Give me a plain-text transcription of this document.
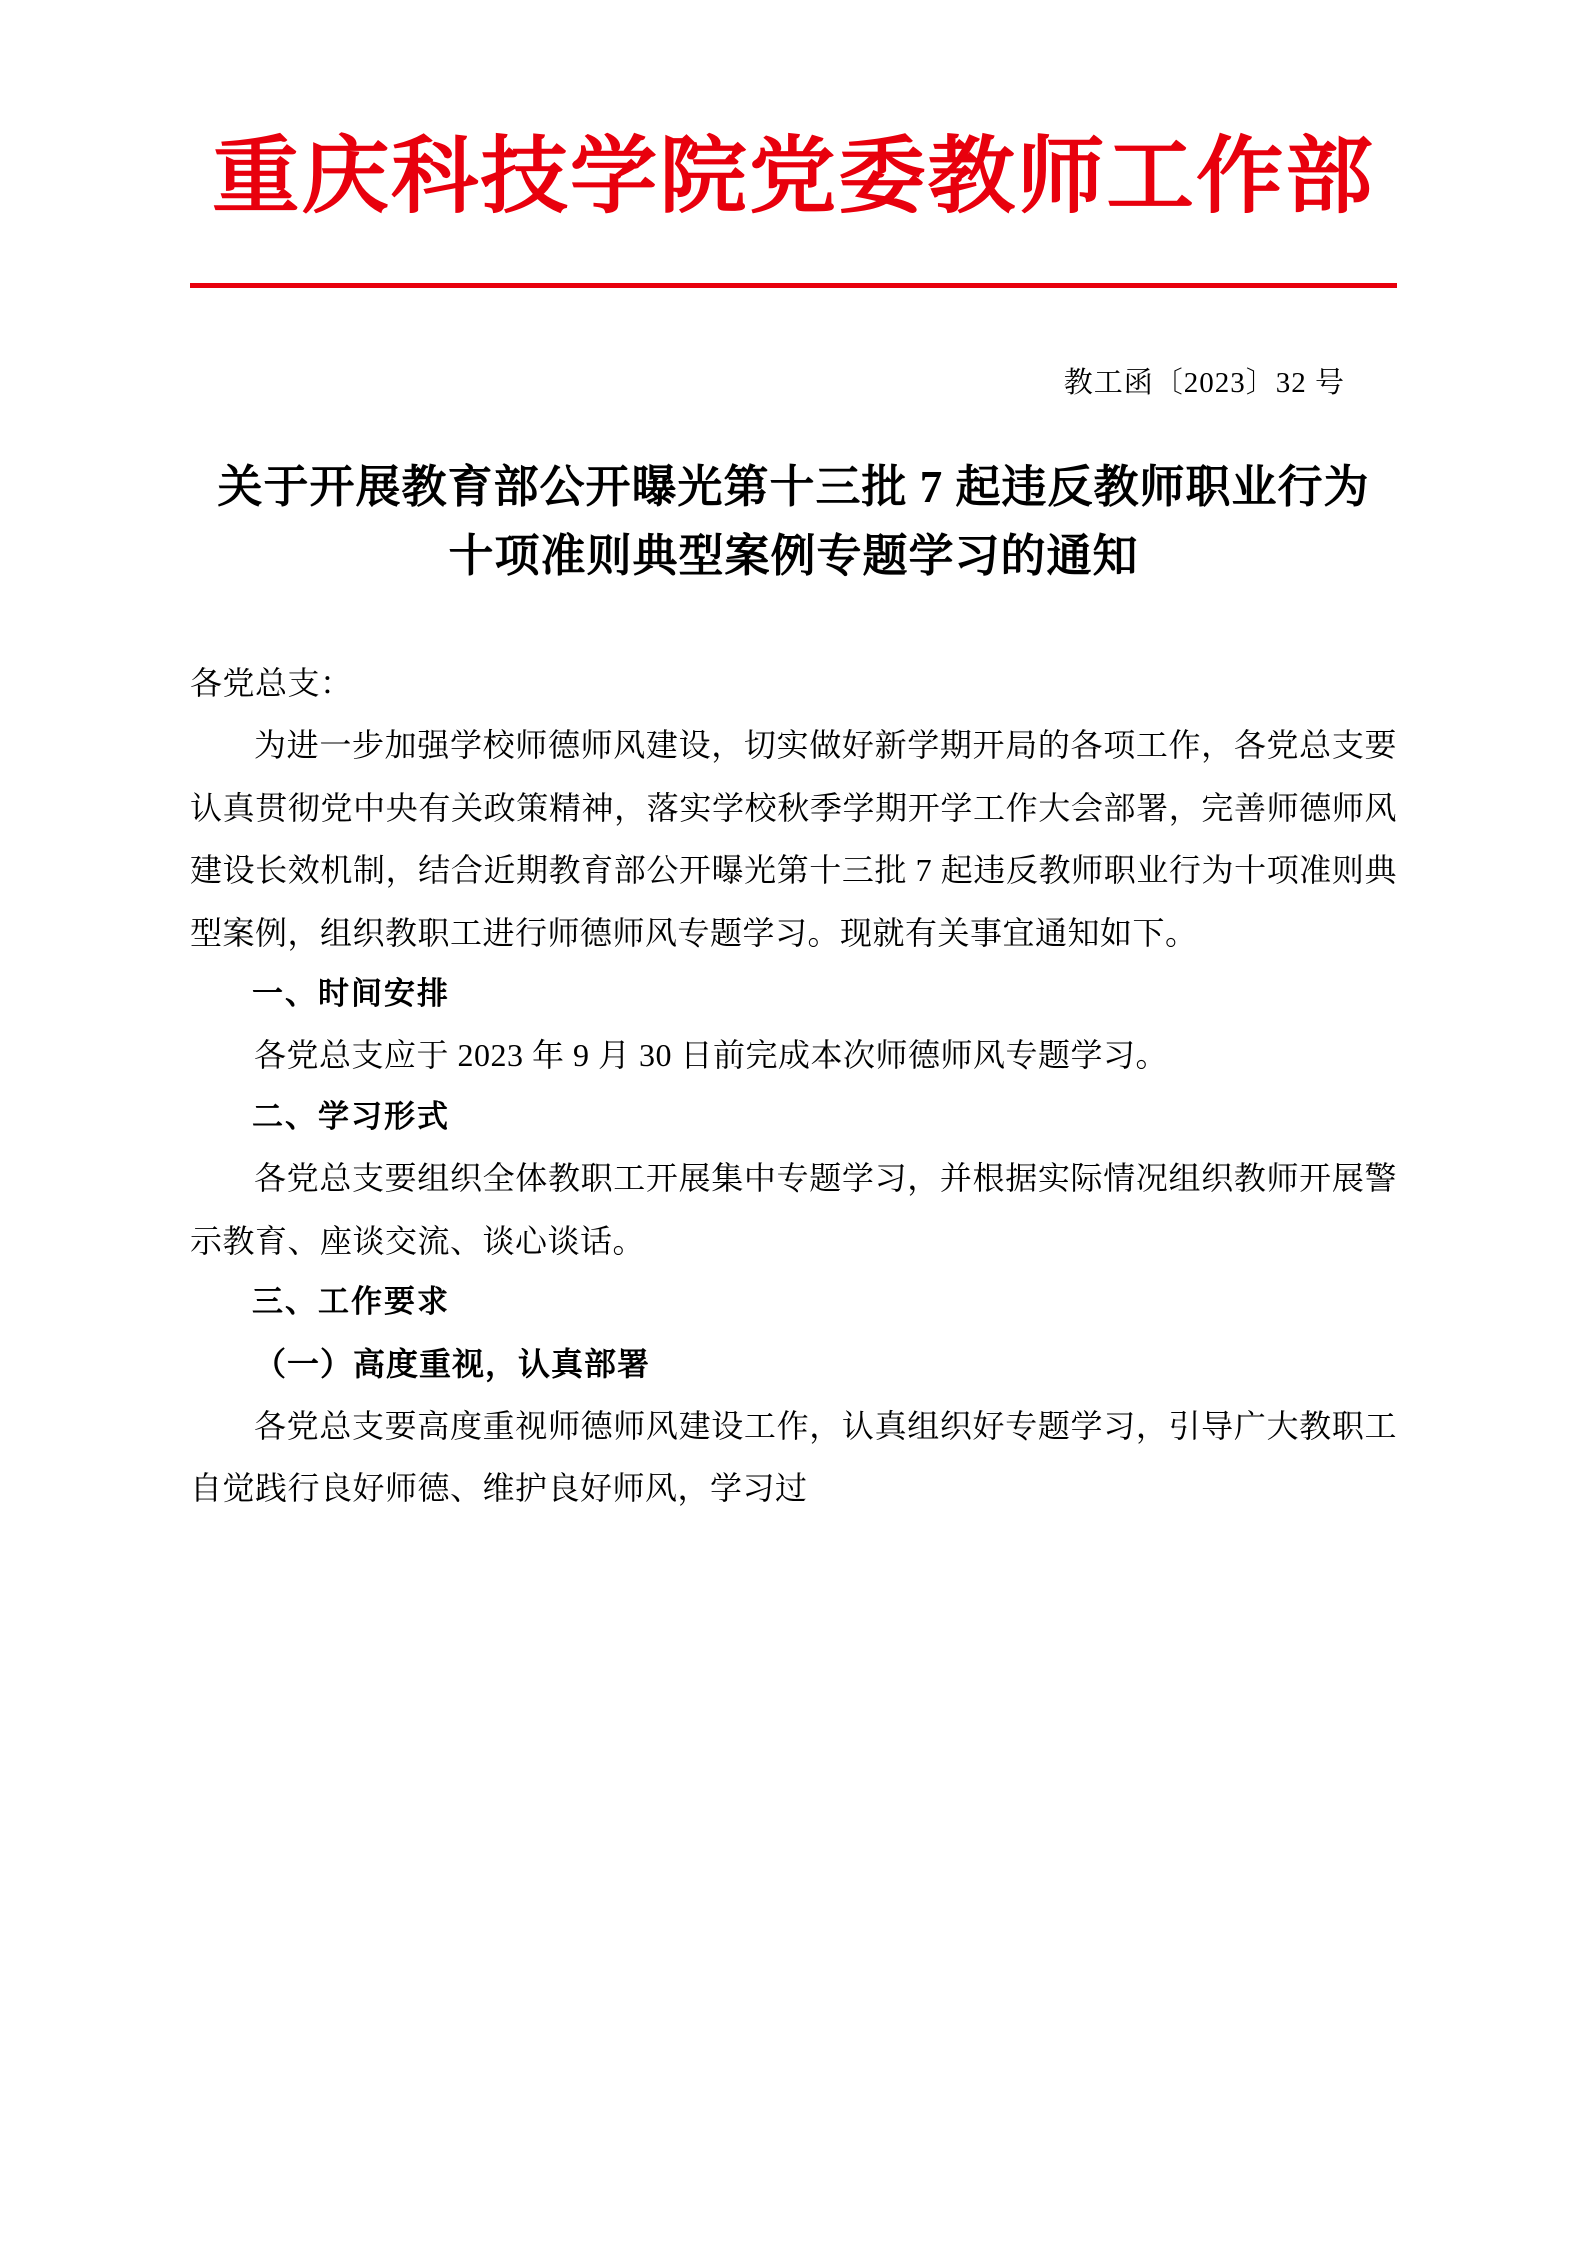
重庆科技学院党委教师工作部
教工函〔2023〕32 号
关于开展教育部公开曝光第十三批 7 起违反教师职业行为十项准则典型案例专题学习的通知

各党总支：

为进一步加强学校师德师风建设，切实做好新学期开局的各项工作，各党总支要认真贯彻党中央有关政策精神，落实学校秋季学期开学工作大会部署，完善师德师风建设长效机制，结合近期教育部公开曝光第十三批 7 起违反教师职业行为十项准则典型案例，组织教职工进行师德师风专题学习。现就有关事宜通知如下。

一、时间安排

各党总支应于 2023 年 9 月 30 日前完成本次师德师风专题学习。

二、学习形式

各党总支要组织全体教职工开展集中专题学习，并根据实际情况组织教师开展警示教育、座谈交流、谈心谈话。

三、工作要求

（一）高度重视，认真部署

各党总支要高度重视师德师风建设工作，认真组织好专题学习，引导广大教职工自觉践行良好师德、维护良好师风，学习过
